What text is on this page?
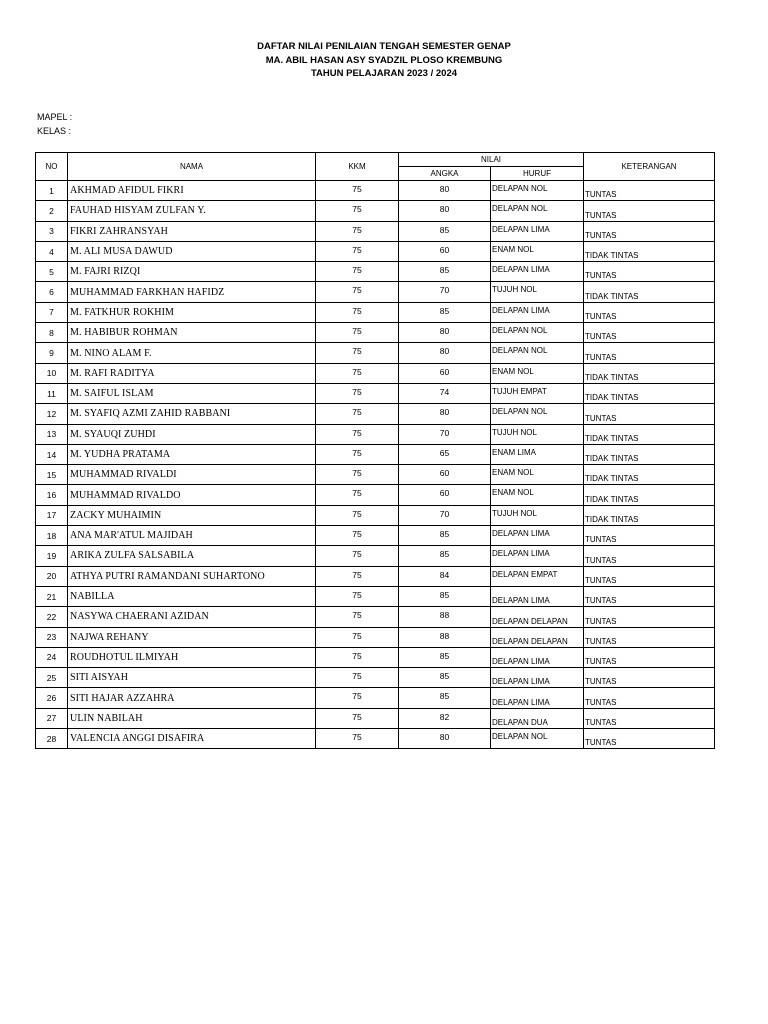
DAFTAR NILAI PENILAIAN TENGAH SEMESTER GENAP
MA. ABIL HASAN ASY SYADZIL PLOSO KREMBUNG
TAHUN PELAJARAN 2023 / 2024
MAPEL :
KELAS :
NO	NAMA	KKM	NILAI		KETERANGAN
			ANGKA	HURUF	
1	AKHMAD AFIDUL FIKRI	75	80	DELAPAN NOL	TUNTAS
2	FAUHAD HISYAM ZULFAN Y.	75	80	DELAPAN NOL	TUNTAS
3	FIKRI ZAHRANSYAH	75	85	DELAPAN LIMA	TUNTAS
4	M. ALI MUSA DAWUD	75	60	ENAM NOL	TIDAK TINTAS
5	M. FAJRI RIZQI	75	85	DELAPAN LIMA	TUNTAS
6	MUHAMMAD FARKHAN HAFIDZ	75	70	TUJUH NOL	TIDAK TINTAS
7	M. FATKHUR ROKHIM	75	85	DELAPAN LIMA	TUNTAS
8	M. HABIBUR ROHMAN	75	80	DELAPAN NOL	TUNTAS
9	M. NINO ALAM F.	75	80	DELAPAN NOL	TUNTAS
10	M. RAFI RADITYA	75	60	ENAM NOL	TIDAK TINTAS
11	M. SAIFUL ISLAM	75	74	TUJUH EMPAT	TIDAK TINTAS
12	M. SYAFIQ AZMI ZAHID RABBANI	75	80	DELAPAN NOL	TUNTAS
13	M. SYAUQI ZUHDI	75	70	TUJUH NOL	TIDAK TINTAS
14	M. YUDHA PRATAMA	75	65	ENAM LIMA	TIDAK TINTAS
15	MUHAMMAD RIVALDI	75	60	ENAM NOL	TIDAK TINTAS
16	MUHAMMAD RIVALDO	75	60	ENAM NOL	TIDAK TINTAS
17	ZACKY MUHAIMIN	75	70	TUJUH NOL	TIDAK TINTAS
18	ANA MAR'ATUL MAJIDAH	75	85	DELAPAN LIMA	TUNTAS
19	ARIKA ZULFA SALSABILA	75	85	DELAPAN LIMA	TUNTAS
20	ATHYA PUTRI RAMANDANI SUHARTONO	75	84	DELAPAN EMPAT	TUNTAS
21	NABILLA	75	85	DELAPAN LIMA	TUNTAS
22	NASYWA CHAERANI AZIDAN	75	88	DELAPAN DELAPAN	TUNTAS
23	NAJWA REHANY	75	88	DELAPAN DELAPAN	TUNTAS
24	ROUDHOTUL ILMIYAH	75	85	DELAPAN LIMA	TUNTAS
25	SITI AISYAH	75	85	DELAPAN LIMA	TUNTAS
26	SITI HAJAR AZZAHRA	75	85	DELAPAN LIMA	TUNTAS
27	ULIN NABILAH	75	82	DELAPAN DUA	TUNTAS
28	VALENCIA ANGGI DISAFIRA	75	80	DELAPAN NOL	TUNTAS
